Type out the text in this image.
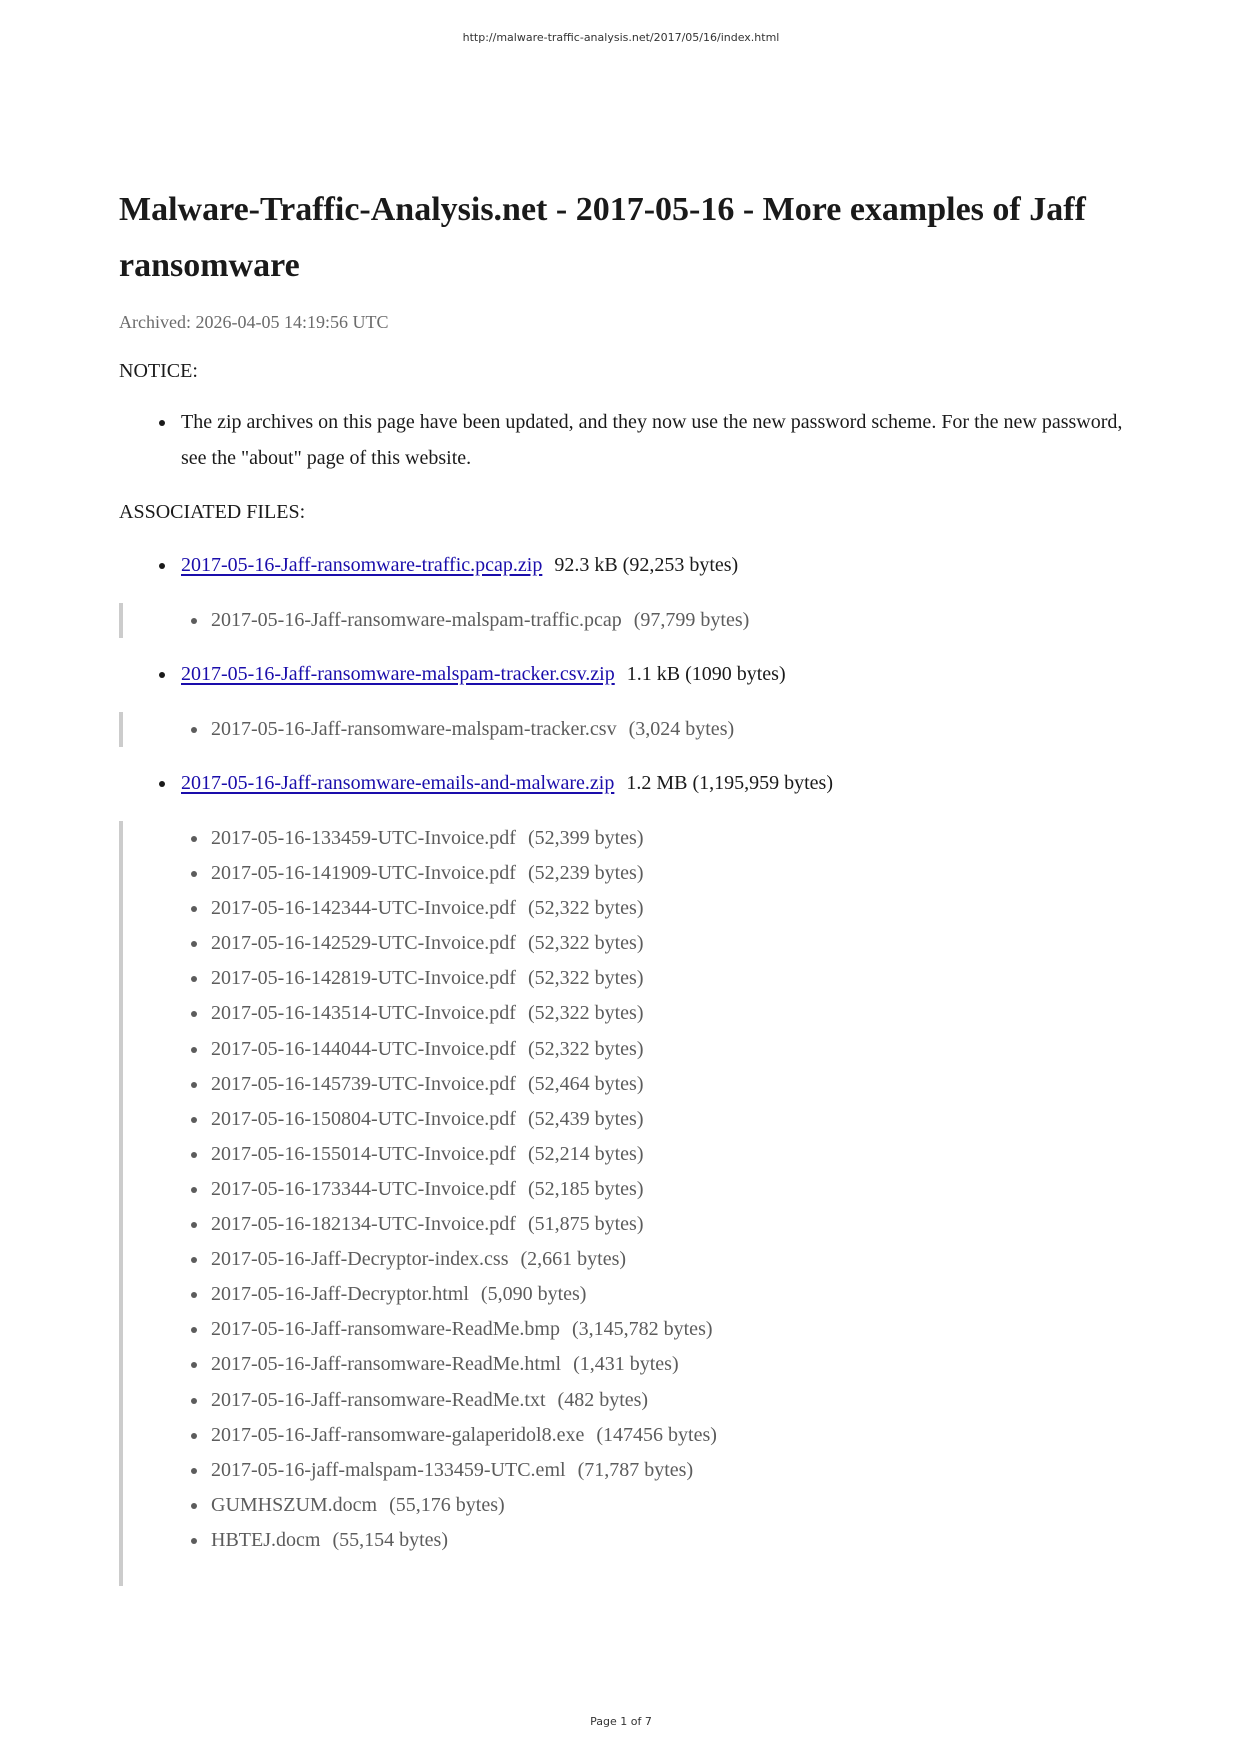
http://malware-traffic-analysis.net/2017/05/16/index.html
Malware-Traffic-Analysis.net - 2017-05-16 - More examples of Jaff ransomware
Archived: 2026-04-05 14:19:56 UTC
NOTICE:
The zip archives on this page have been updated, and they now use the new password scheme. For the new password, see the "about" page of this website.
ASSOCIATED FILES:
2017-05-16-Jaff-ransomware-traffic.pcap.zip 92.3 kB (92,253 bytes)
2017-05-16-Jaff-ransomware-malspam-traffic.pcap (97,799 bytes)
2017-05-16-Jaff-ransomware-malspam-tracker.csv.zip 1.1 kB (1090 bytes)
2017-05-16-Jaff-ransomware-malspam-tracker.csv (3,024 bytes)
2017-05-16-Jaff-ransomware-emails-and-malware.zip 1.2 MB (1,195,959 bytes)
2017-05-16-133459-UTC-Invoice.pdf (52,399 bytes)
2017-05-16-141909-UTC-Invoice.pdf (52,239 bytes)
2017-05-16-142344-UTC-Invoice.pdf (52,322 bytes)
2017-05-16-142529-UTC-Invoice.pdf (52,322 bytes)
2017-05-16-142819-UTC-Invoice.pdf (52,322 bytes)
2017-05-16-143514-UTC-Invoice.pdf (52,322 bytes)
2017-05-16-144044-UTC-Invoice.pdf (52,322 bytes)
2017-05-16-145739-UTC-Invoice.pdf (52,464 bytes)
2017-05-16-150804-UTC-Invoice.pdf (52,439 bytes)
2017-05-16-155014-UTC-Invoice.pdf (52,214 bytes)
2017-05-16-173344-UTC-Invoice.pdf (52,185 bytes)
2017-05-16-182134-UTC-Invoice.pdf (51,875 bytes)
2017-05-16-Jaff-Decryptor-index.css (2,661 bytes)
2017-05-16-Jaff-Decryptor.html (5,090 bytes)
2017-05-16-Jaff-ransomware-ReadMe.bmp (3,145,782 bytes)
2017-05-16-Jaff-ransomware-ReadMe.html (1,431 bytes)
2017-05-16-Jaff-ransomware-ReadMe.txt (482 bytes)
2017-05-16-Jaff-ransomware-galaperidol8.exe (147456 bytes)
2017-05-16-jaff-malspam-133459-UTC.eml (71,787 bytes)
GUMHSZUM.docm (55,176 bytes)
HBTEJ.docm (55,154 bytes)
Page 1 of 7
